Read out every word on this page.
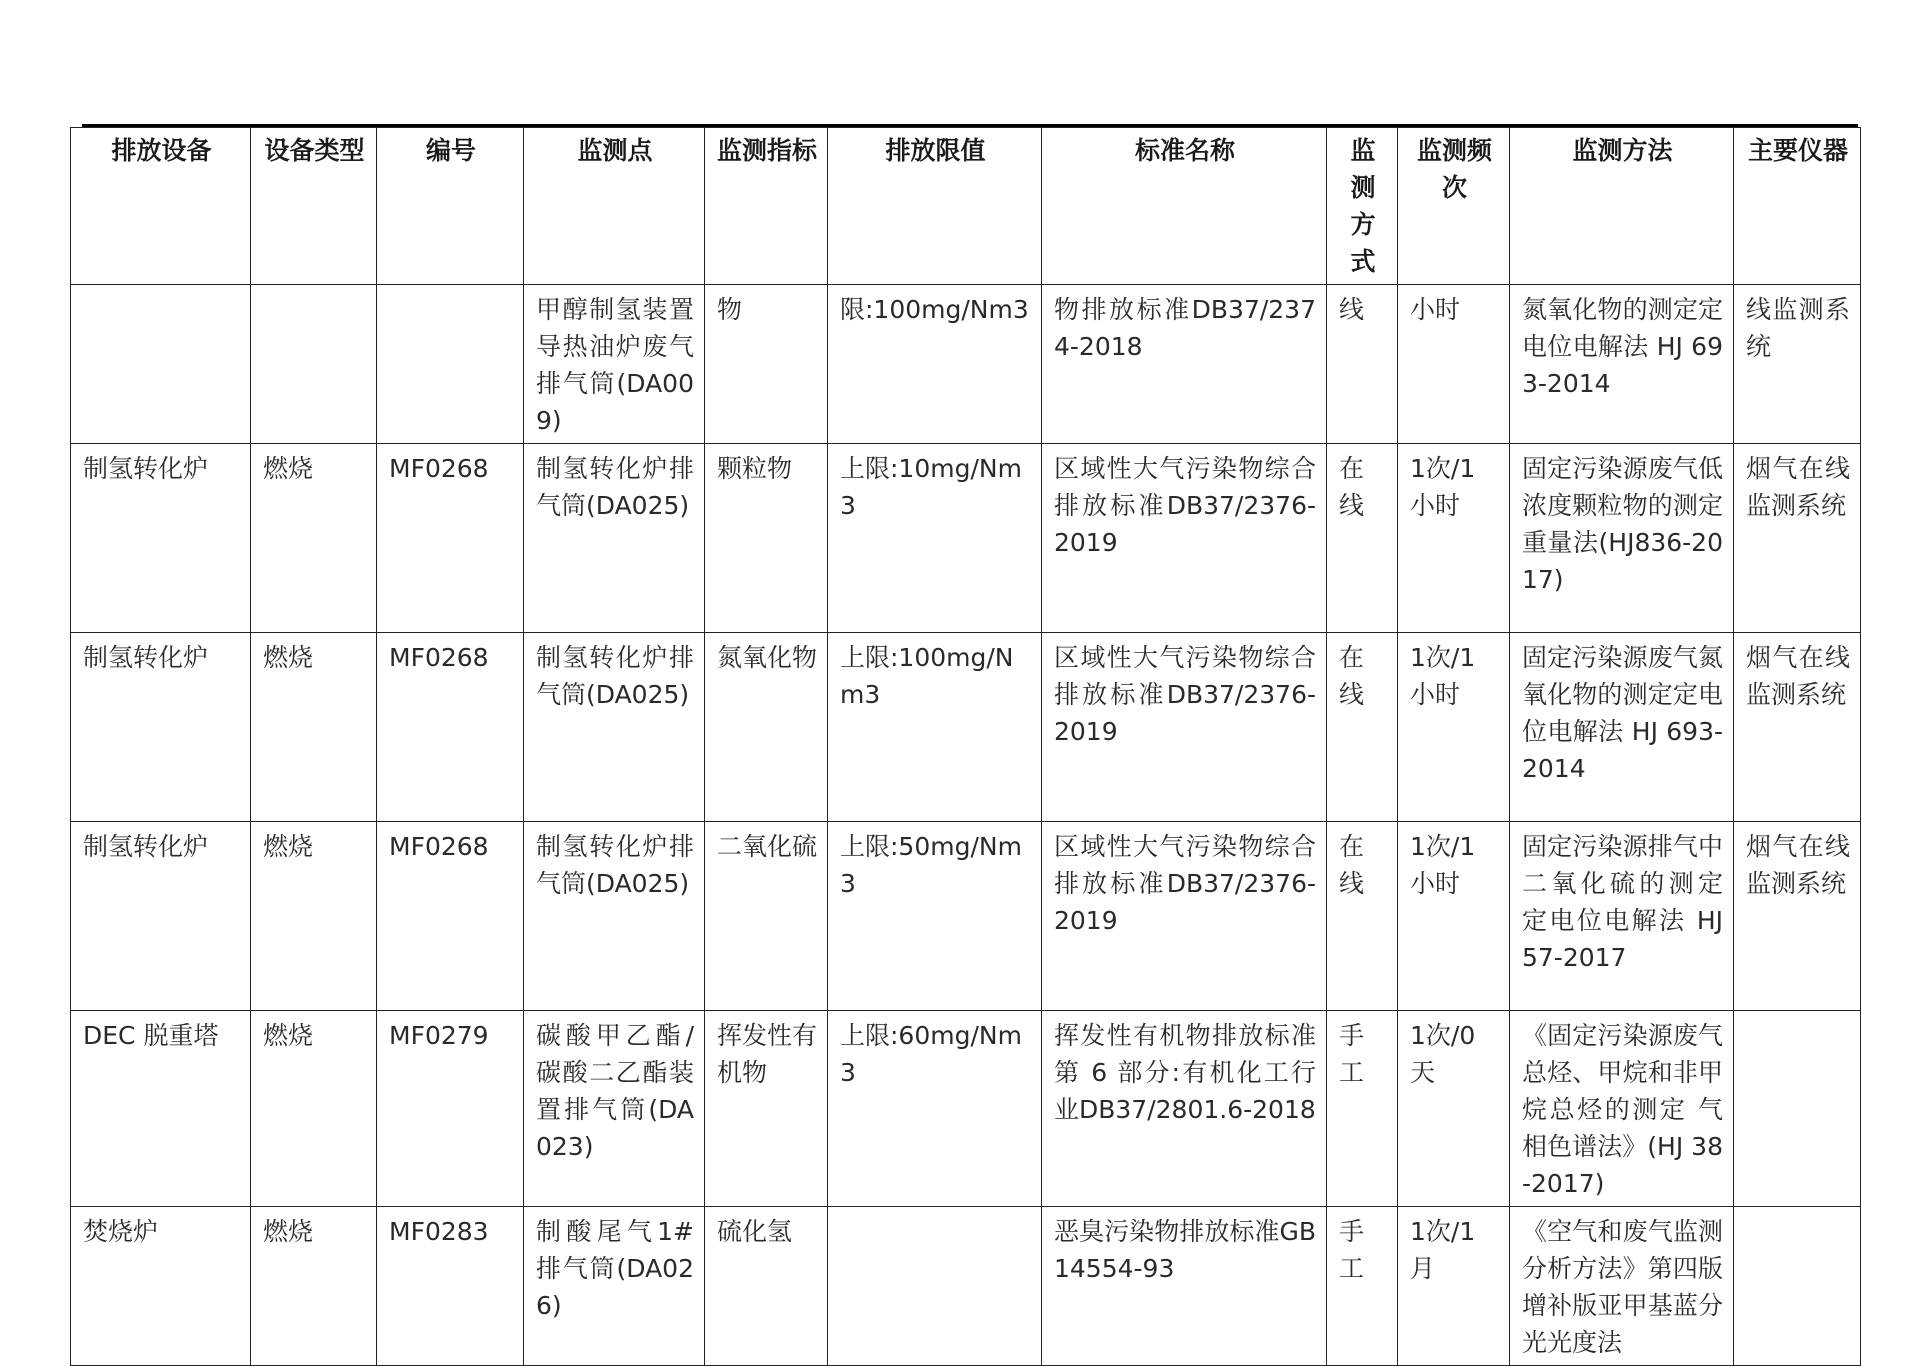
排放设备	设备类型	编号	监测点	监测指标	排放限值	标准名称	监测方式	监测频次	监测方法	主要仪器
			甲醇制氢装置导热油炉废气排气筒(DA009)	物	限:100mg/Nm3	物排放标准DB37/2374-2018	线	小时	氮氧化物的测定定电位电解法 HJ 693-2014	线监测系统
制氢转化炉	燃烧	MF0268	制氢转化炉排气筒(DA025)	颗粒物	上限:10mg/Nm3	区域性大气污染物综合排放标准DB37/2376-2019	在线	1次/1小时	固定污染源废气低浓度颗粒物的测定 重量法(HJ836-2017)	烟气在线监测系统
制氢转化炉	燃烧	MF0268	制氢转化炉排气筒(DA025)	氮氧化物	上限:100mg/Nm3	区域性大气污染物综合排放标准DB37/2376-2019	在线	1次/1小时	固定污染源废气氮氧化物的测定定电位电解法 HJ 693-2014	烟气在线监测系统
制氢转化炉	燃烧	MF0268	制氢转化炉排气筒(DA025)	二氧化硫	上限:50mg/Nm3	区域性大气污染物综合排放标准DB37/2376-2019	在线	1次/1小时	固定污染源排气中二氧化硫的测定 定电位电解法 HJ 57-2017	烟气在线监测系统
DEC 脱重塔	燃烧	MF0279	碳酸甲乙酯/碳酸二乙酯装置排气筒(DA023)	挥发性有机物	上限:60mg/Nm3	挥发性有机物排放标准第 6 部分:有机化工行业DB37/2801.6-2018	手工	1次/0天	《固定污染源废气 总烃、甲烷和非甲烷总烃的测定 气相色谱法》(HJ 38-2017)	
焚烧炉	燃烧	MF0283	制酸尾气1#排气筒(DA026)	硫化氢		恶臭污染物排放标准GB 14554-93	手工	1次/1月	《空气和废气监测分析方法》第四版增补版亚甲基蓝分光光度法	
